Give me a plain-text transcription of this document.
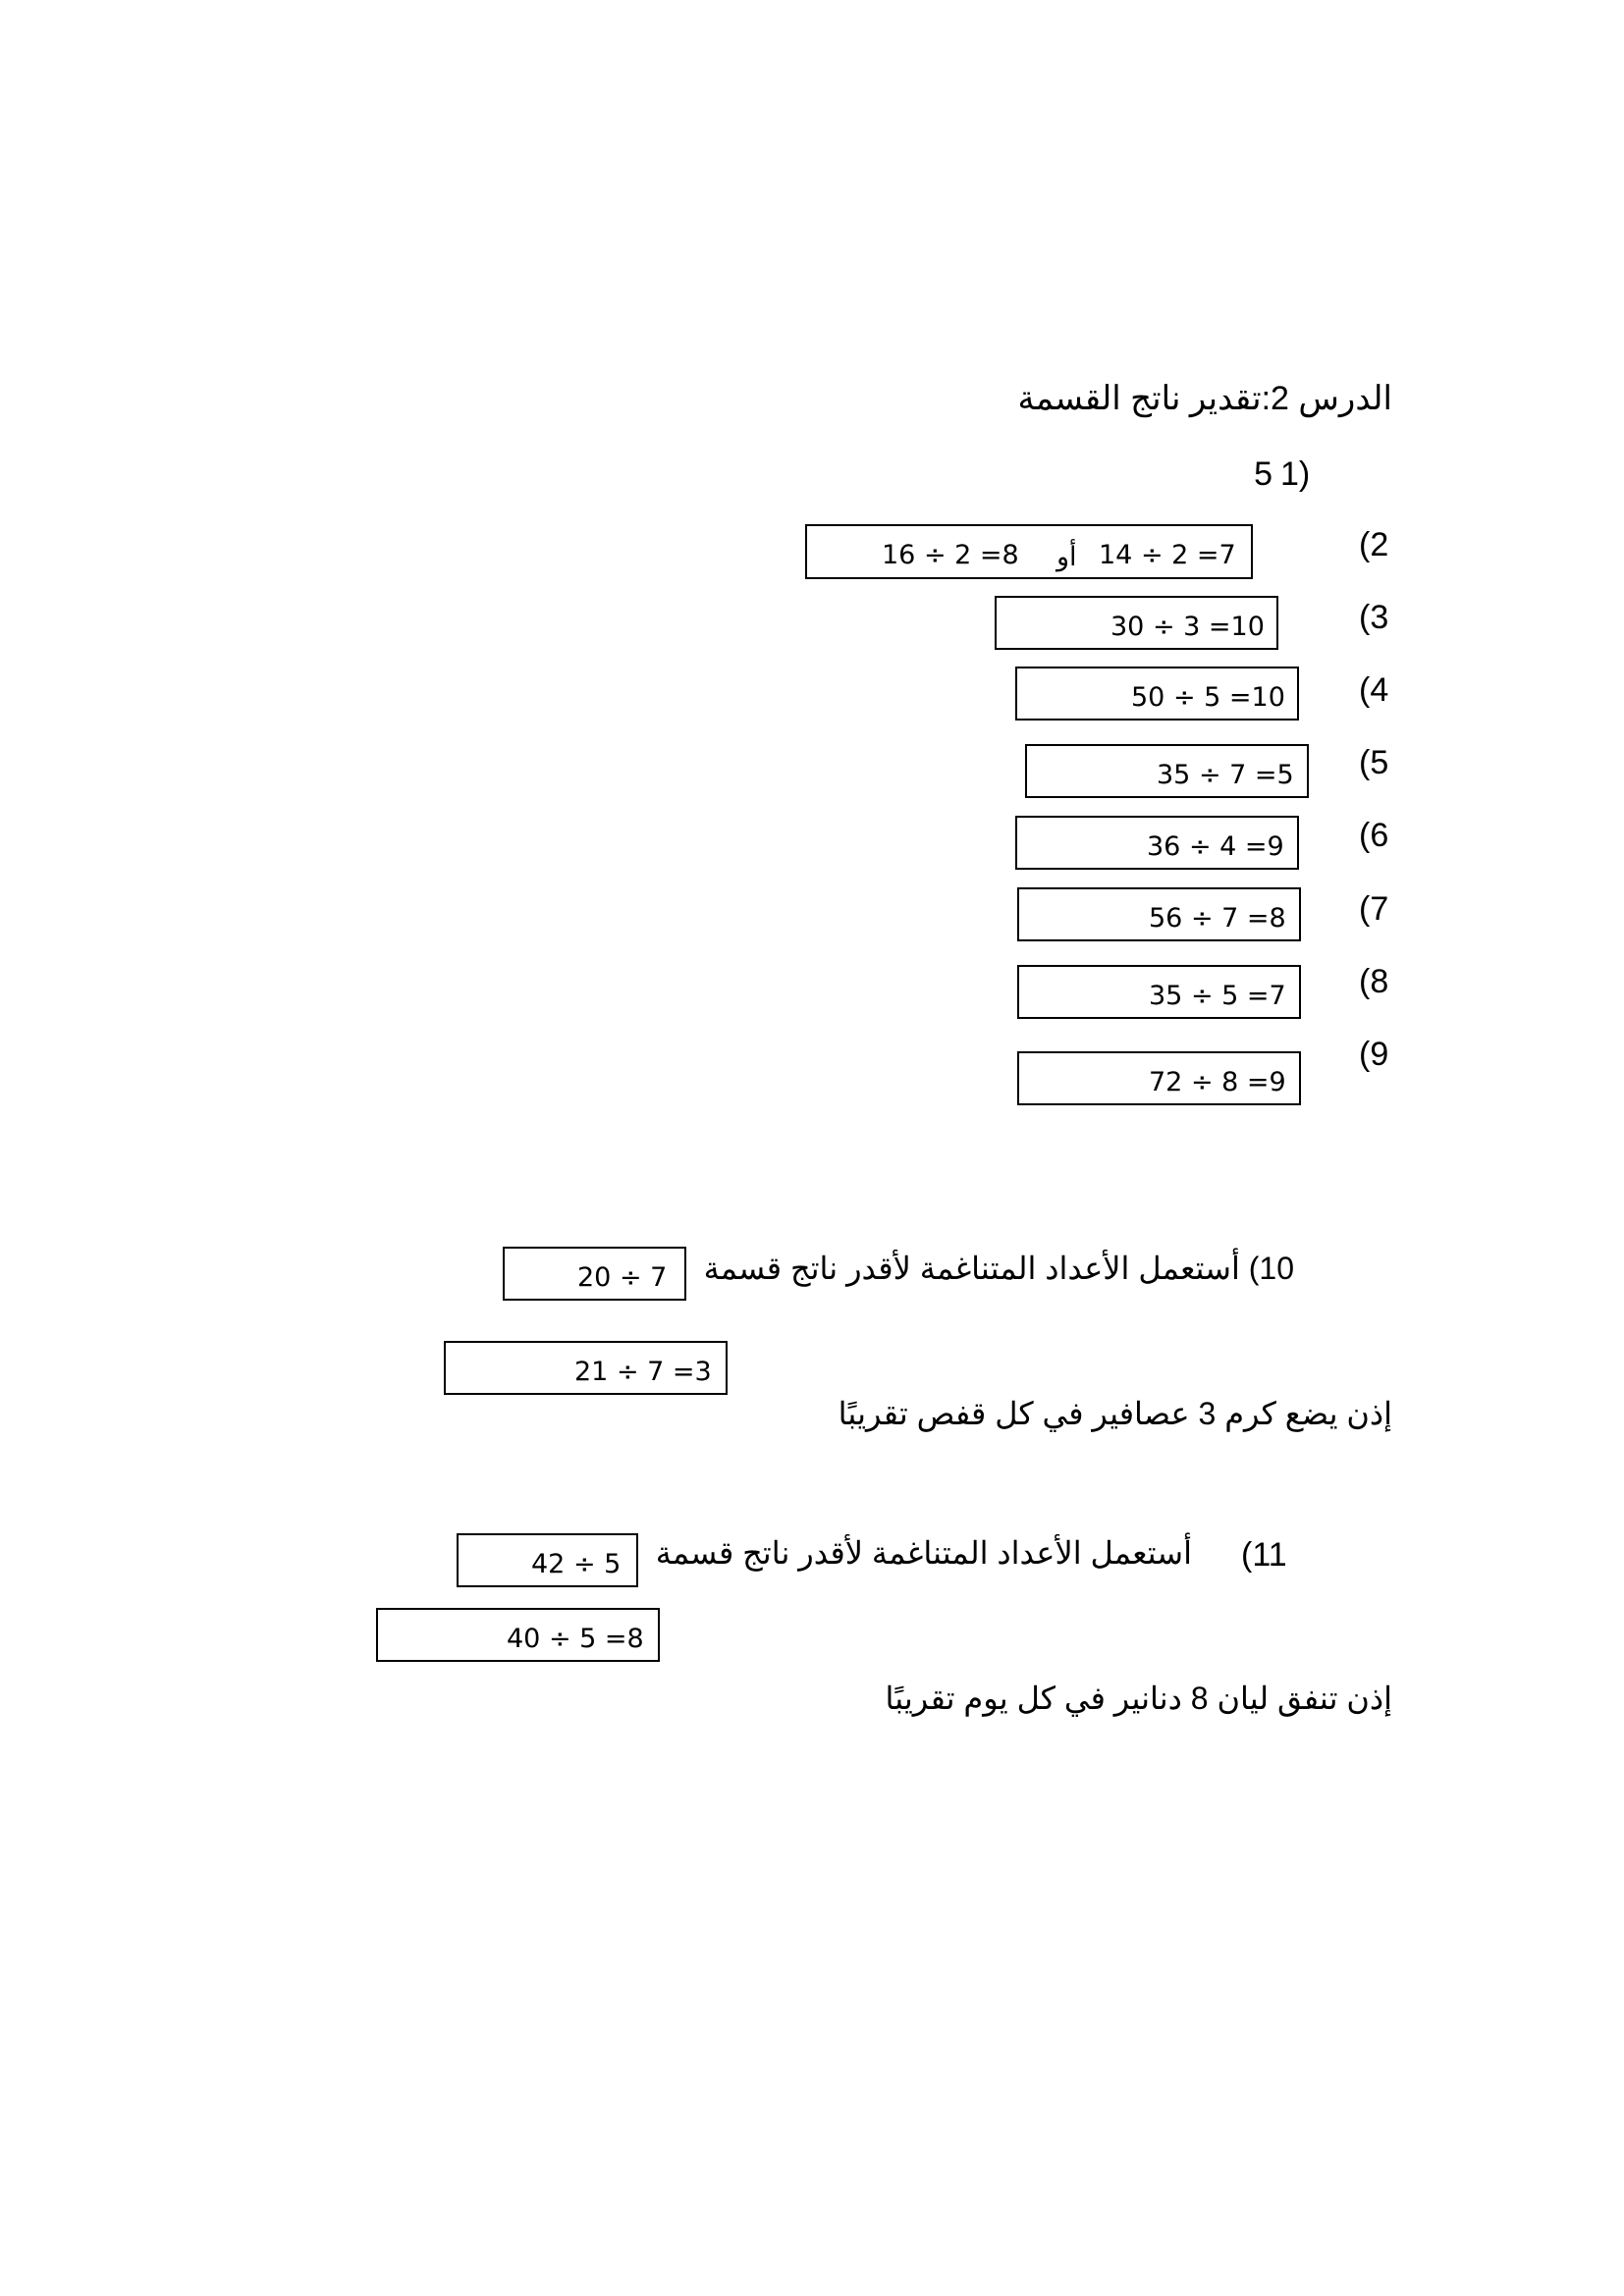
الدرس 2:تقدير ناتج القسمة
1)
5
(2
16 ÷ 2 =8 أو 14 ÷ 2 =7
(3
30 ÷ 3 =10
(4
50 ÷ 5 =10
(5
35 ÷ 7 =5
(6
36 ÷ 4 =9
(7
56 ÷ 7 =8
(8
35 ÷ 5 =7
(9
72 ÷ 8 =9
10) أستعمل الأعداد المتناغمة لأقدر ناتج قسمة
20 ÷ 7
21 ÷ 7 =3
إذن يضع كرم 3 عصافير في كل قفص تقريبًا
(11
أستعمل الأعداد المتناغمة لأقدر ناتج قسمة
42 ÷ 5
40 ÷ 5 =8
إذن تنفق ليان 8 دنانير في كل يوم تقريبًا
